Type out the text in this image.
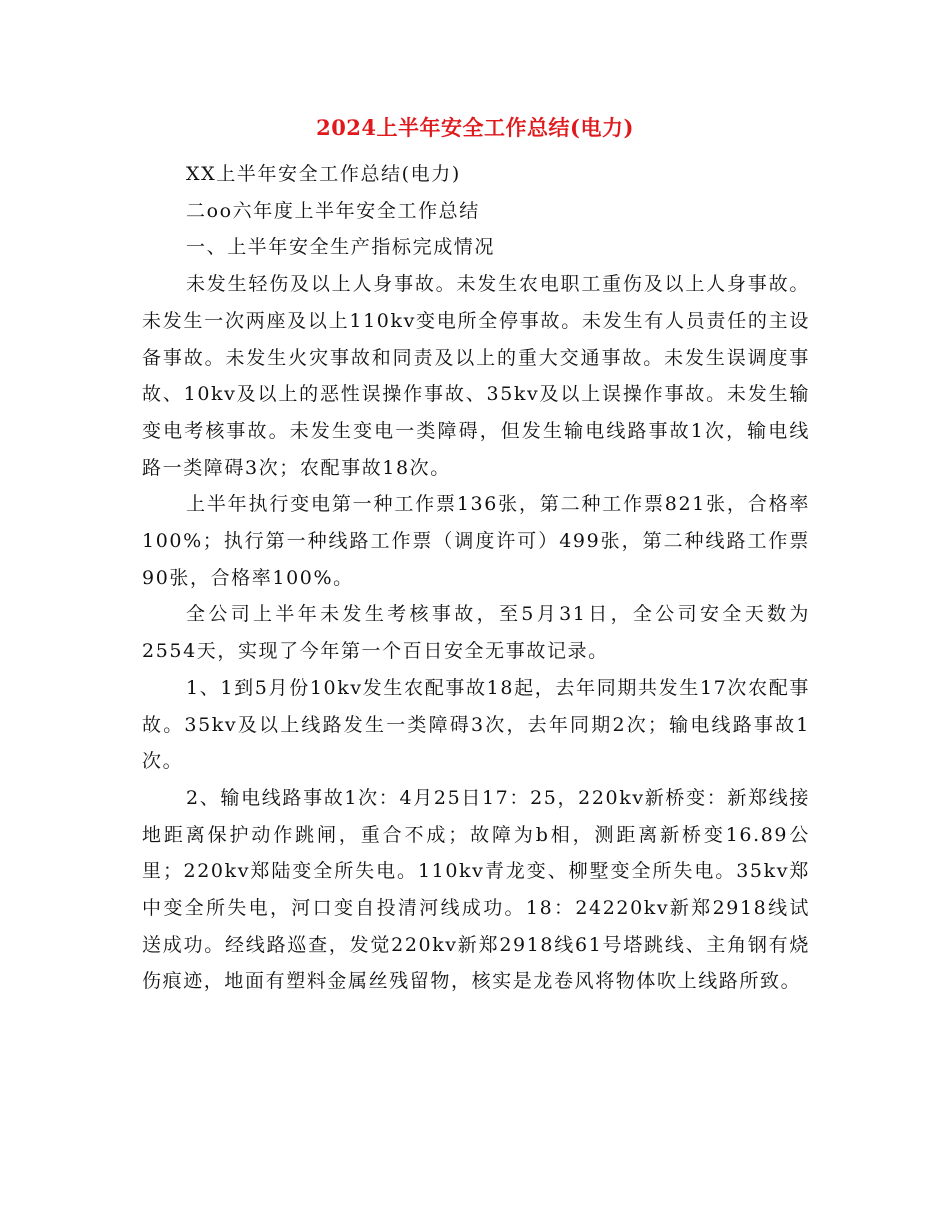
2024上半年安全工作总结(电力)

XX上半年安全工作总结(电力)

二oo六年度上半年安全工作总结

一、上半年安全生产指标完成情况

未发生轻伤及以上人身事故。未发生农电职工重伤及以上人身事故。未发生一次两座及以上110kv变电所全停事故。未发生有人员责任的主设备事故。未发生火灾事故和同责及以上的重大交通事故。未发生误调度事故、10kv及以上的恶性误操作事故、35kv及以上误操作事故。未发生输变电考核事故。未发生变电一类障碍，但发生输电线路事故1次，输电线路一类障碍3次；农配事故18次。

上半年执行变电第一种工作票136张，第二种工作票821张，合格率100%；执行第一种线路工作票（调度许可）499张，第二种线路工作票90张，合格率100%。

全公司上半年未发生考核事故，至5月31日，全公司安全天数为2554天，实现了今年第一个百日安全无事故记录。

1、1到5月份10kv发生农配事故18起，去年同期共发生17次农配事故。35kv及以上线路发生一类障碍3次，去年同期2次；输电线路事故1次。

2、输电线路事故1次：4月25日17：25，220kv新桥变：新郑线接地距离保护动作跳闸，重合不成；故障为b相，测距离新桥变16.89公里；220kv郑陆变全所失电。110kv青龙变、柳墅变全所失电。35kv郑中变全所失电，河口变自投清河线成功。18：24220kv新郑2918线试送成功。经线路巡查，发觉220kv新郑2918线61号塔跳线、主角钢有烧伤痕迹，地面有塑料金属丝残留物，核实是龙卷风将物体吹上线路所致。
